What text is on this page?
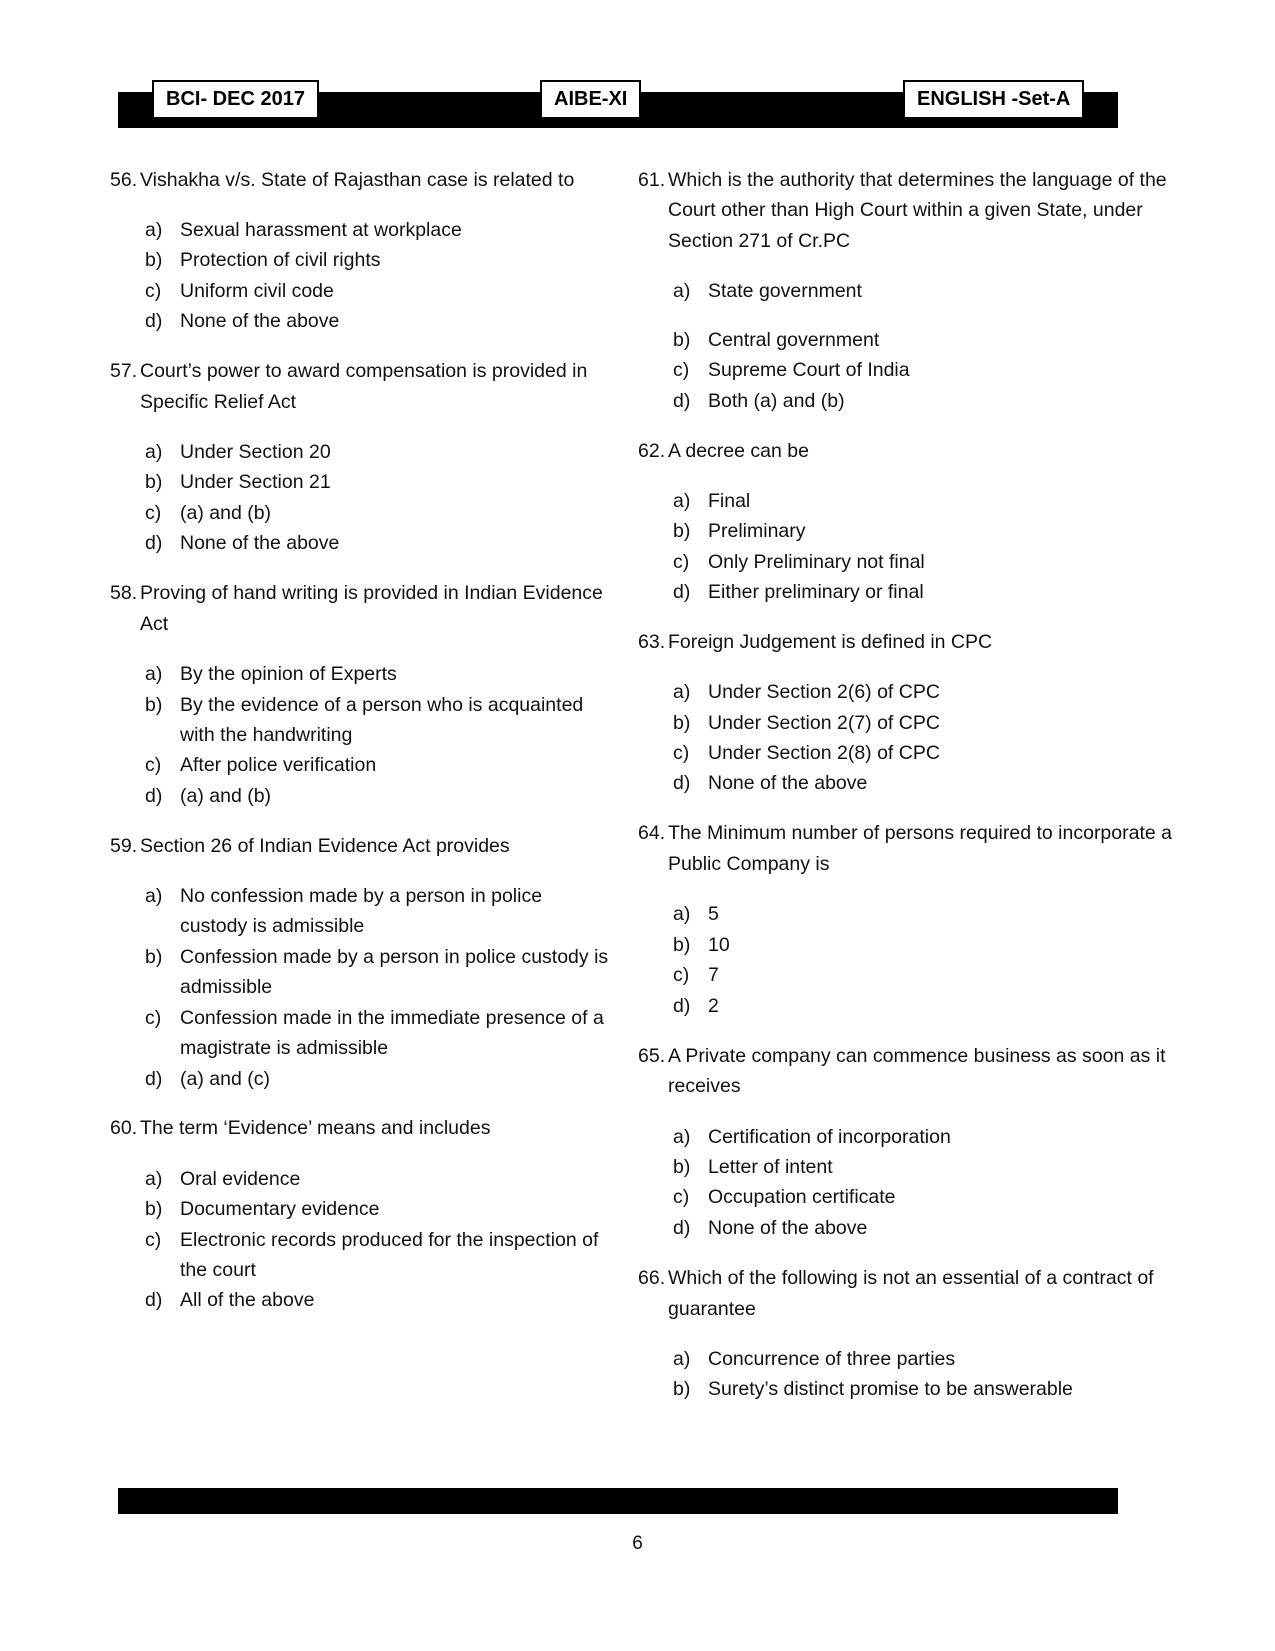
BCI- DEC 2017	AIBE-XI	ENGLISH -Set-A

56. Vishakha v/s. State of Rajasthan case is related to

a) Sexual harassment at workplace
b) Protection of civil rights
c) Uniform civil code
d) None of the above

57. Court’s power to award compensation is provided in Specific Relief Act

a) Under Section 20
b) Under Section 21
c) (a) and (b)
d) None of the above

58. Proving of hand writing is provided in Indian Evidence Act

a) By the opinion of Experts
b) By the evidence of a person who is acquainted with the handwriting
c) After police verification
d) (a) and (b)

59. Section 26 of Indian Evidence Act provides

a) No confession made by a person in police custody is admissible
b) Confession made by a person in police custody is admissible
c) Confession made in the immediate presence of a magistrate is admissible
d) (a) and (c)

60. The term ‘Evidence’ means and includes

a) Oral evidence
b) Documentary evidence
c) Electronic records produced for the inspection of the court
d) All of the above

61. Which is the authority that determines the language of the Court other than High Court within a given State, under Section 271 of Cr.PC

a) State government
b) Central government
c) Supreme Court of India
d) Both (a) and (b)

62. A decree can be

a) Final
b) Preliminary
c) Only Preliminary not final
d) Either preliminary or final

63. Foreign Judgement is defined in CPC

a) Under Section 2(6) of CPC
b) Under Section 2(7) of CPC
c) Under Section 2(8) of CPC
d) None of the above

64. The Minimum number of persons required to incorporate a Public Company is

a) 5
b) 10
c) 7
d) 2

65. A Private company can commence business as soon as it receives

a) Certification of incorporation
b) Letter of intent
c) Occupation certificate
d) None of the above

66. Which of the following is not an essential of a contract of guarantee

a) Concurrence of three parties
b) Surety’s distinct promise to be answerable
6
